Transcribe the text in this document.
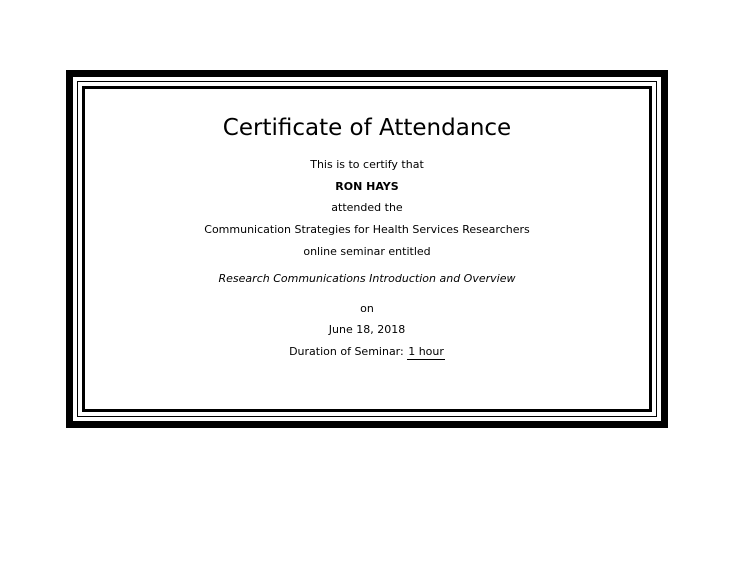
Certificate of Attendance
This is to certify that
RON HAYS
attended the
Communication Strategies for Health Services Researchers
online seminar entitled
Research Communications Introduction and Overview
on
June 18, 2018
Duration of Seminar: 1 hour
